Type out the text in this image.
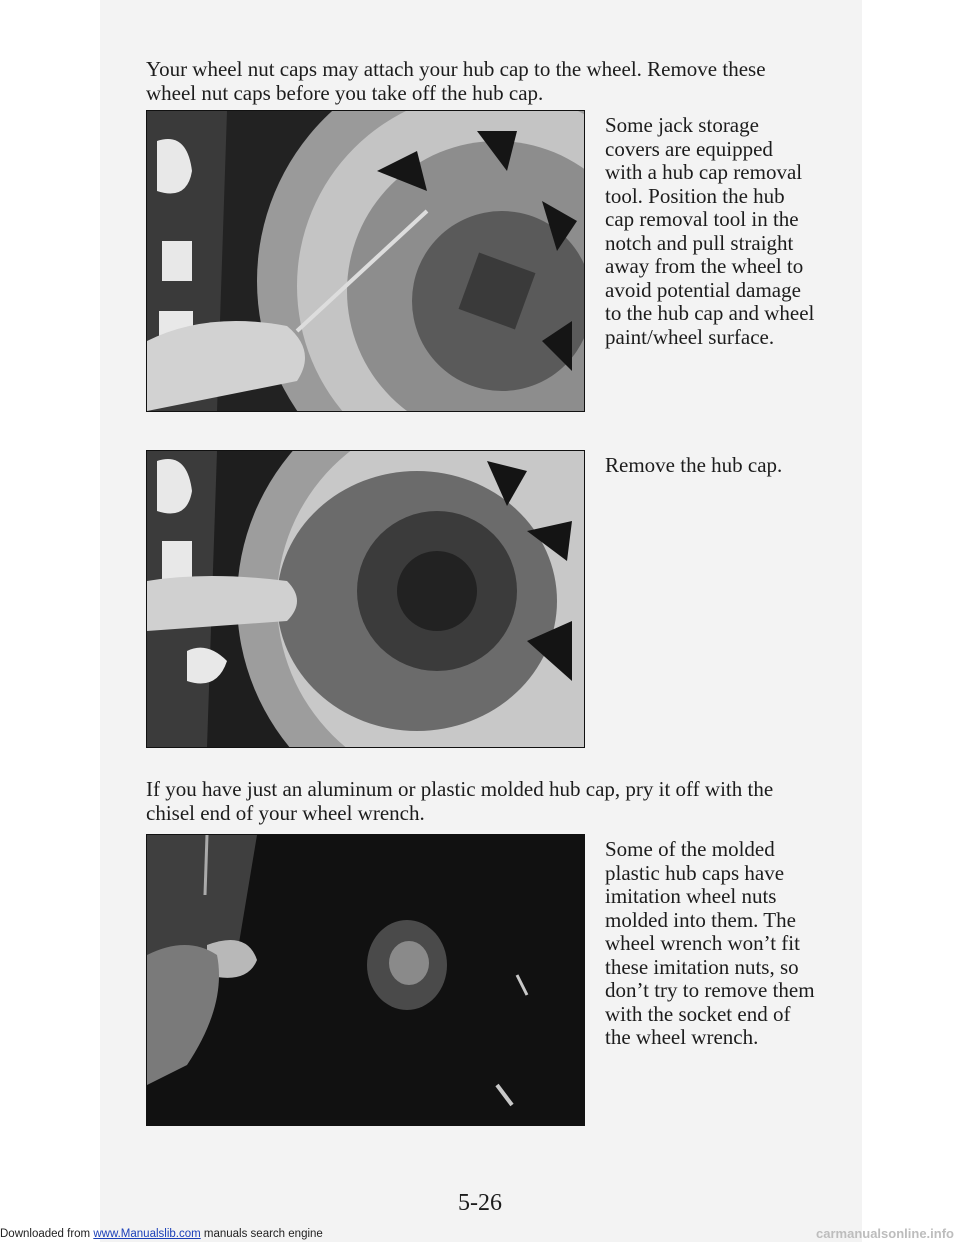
Your wheel nut caps may attach your hub cap to the wheel. Remove these wheel nut caps before you take off the hub cap.
Some jack storage covers are equipped with a hub cap removal tool. Position the hub cap removal tool in the notch and pull straight away from the wheel to avoid potential damage to the hub cap and wheel paint/wheel surface.
Remove the hub cap.
If you have just an aluminum or plastic molded hub cap, pry it off with the chisel end of your wheel wrench.
Some of the molded plastic hub caps have imitation wheel nuts molded into them. The wheel wrench won’t fit these imitation nuts, so don’t try to remove them with the socket end of the wheel wrench.
5-26
Downloaded from www.Manualslib.com manuals search engine	carmanualsonline.info
